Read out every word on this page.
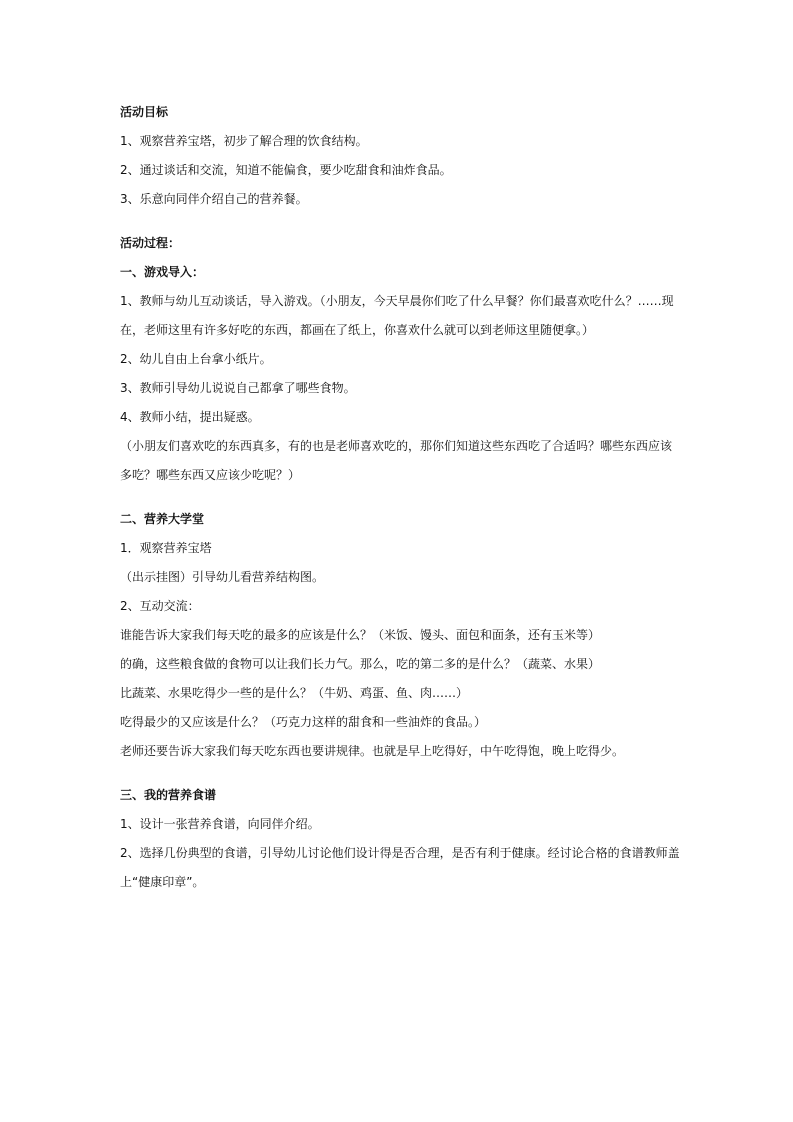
活动目标
1、观察营养宝塔，初步了解合理的饮食结构。
2、通过谈话和交流，知道不能偏食，要少吃甜食和油炸食品。
3、乐意向同伴介绍自己的营养餐。
活动过程：
一、游戏导入：
1、教师与幼儿互动谈话，导入游戏。（小朋友，今天早晨你们吃了什么早餐？你们最喜欢吃什么？……现
在，老师这里有许多好吃的东西，都画在了纸上，你喜欢什么就可以到老师这里随便拿。）
2、幼儿自由上台拿小纸片。
3、教师引导幼儿说说自己都拿了哪些食物。
4、教师小结，提出疑惑。
（小朋友们喜欢吃的东西真多，有的也是老师喜欢吃的，那你们知道这些东西吃了合适吗？哪些东西应该
多吃？哪些东西又应该少吃呢？）
二、营养大学堂
1．观察营养宝塔
（出示挂图）引导幼儿看营养结构图。
2、互动交流：
谁能告诉大家我们每天吃的最多的应该是什么？（米饭、馒头、面包和面条，还有玉米等）
的确，这些粮食做的食物可以让我们长力气。那么，吃的第二多的是什么？（蔬菜、水果）
比蔬菜、水果吃得少一些的是什么？（牛奶、鸡蛋、鱼、肉……）
吃得最少的又应该是什么？（巧克力这样的甜食和一些油炸的食品。）
老师还要告诉大家我们每天吃东西也要讲规律。也就是早上吃得好，中午吃得饱，晚上吃得少。
三、我的营养食谱
1、设计一张营养食谱，向同伴介绍。
2、选择几份典型的食谱，引导幼儿讨论他们设计得是否合理，是否有利于健康。经讨论合格的食谱教师盖
上“健康印章”。
